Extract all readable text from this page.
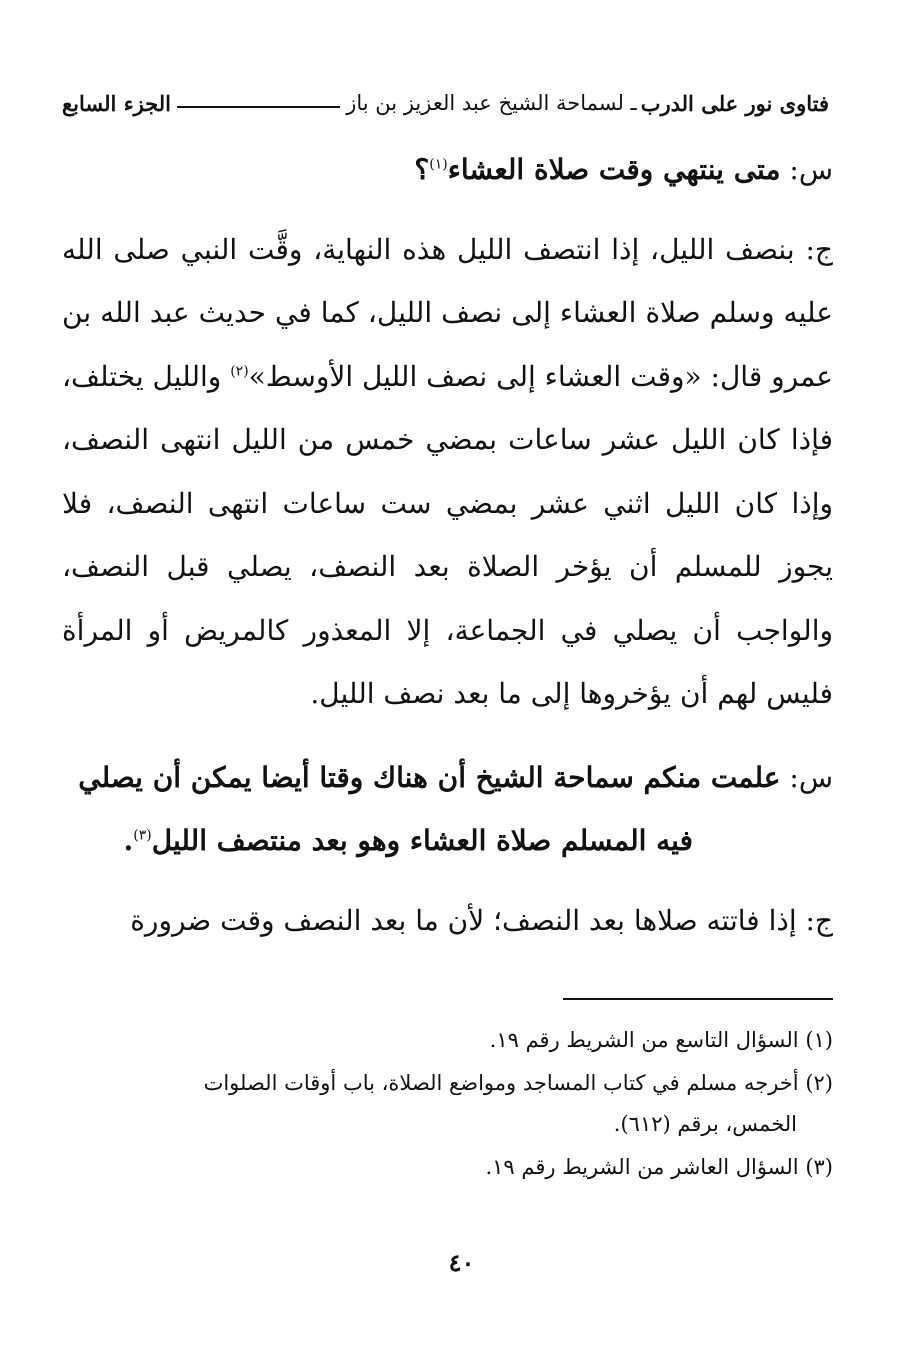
فتاوى نور على الدرب
ـ لسماحة الشيخ عبد العزيز بن باز
الجزء السابع

س: متى ينتهي وقت صلاة العشاء$^{(١)}$؟

ج: بنصف الليل، إذا انتصف الليل هذه النهاية، وقَّت النبي صلى الله عليه وسلم صلاة العشاء إلى نصف الليل، كما في حديث عبد الله بن عمرو قال: «وقت العشاء إلى نصف الليل الأوسط»$^{(٢)}$ والليل يختلف، فإذا كان الليل عشر ساعات بمضي خمس من الليل انتهى النصف، وإذا كان الليل اثني عشر بمضي ست ساعات انتهى النصف، فلا يجوز للمسلم أن يؤخر الصلاة بعد النصف، يصلي قبل النصف، والواجب أن يصلي في الجماعة، إلا المعذور كالمريض أو المرأة فليس لهم أن يؤخروها إلى ما بعد نصف الليل.

س: علمت منكم سماحة الشيخ أن هناك وقتا أيضا يمكن أن يصلي
فيه المسلم صلاة العشاء وهو بعد منتصف الليل$^{(٣)}$.

ج: إذا فاتته صلاها بعد النصف؛ لأن ما بعد النصف وقت ضرورة

(١) السؤال التاسع من الشريط رقم ١٩.

(٢) أخرجه مسلم في كتاب المساجد ومواضع الصلاة، باب أوقات الصلوات
الخمس، برقم (٦١٢).

(٣) السؤال العاشر من الشريط رقم ١٩.

٤٠
